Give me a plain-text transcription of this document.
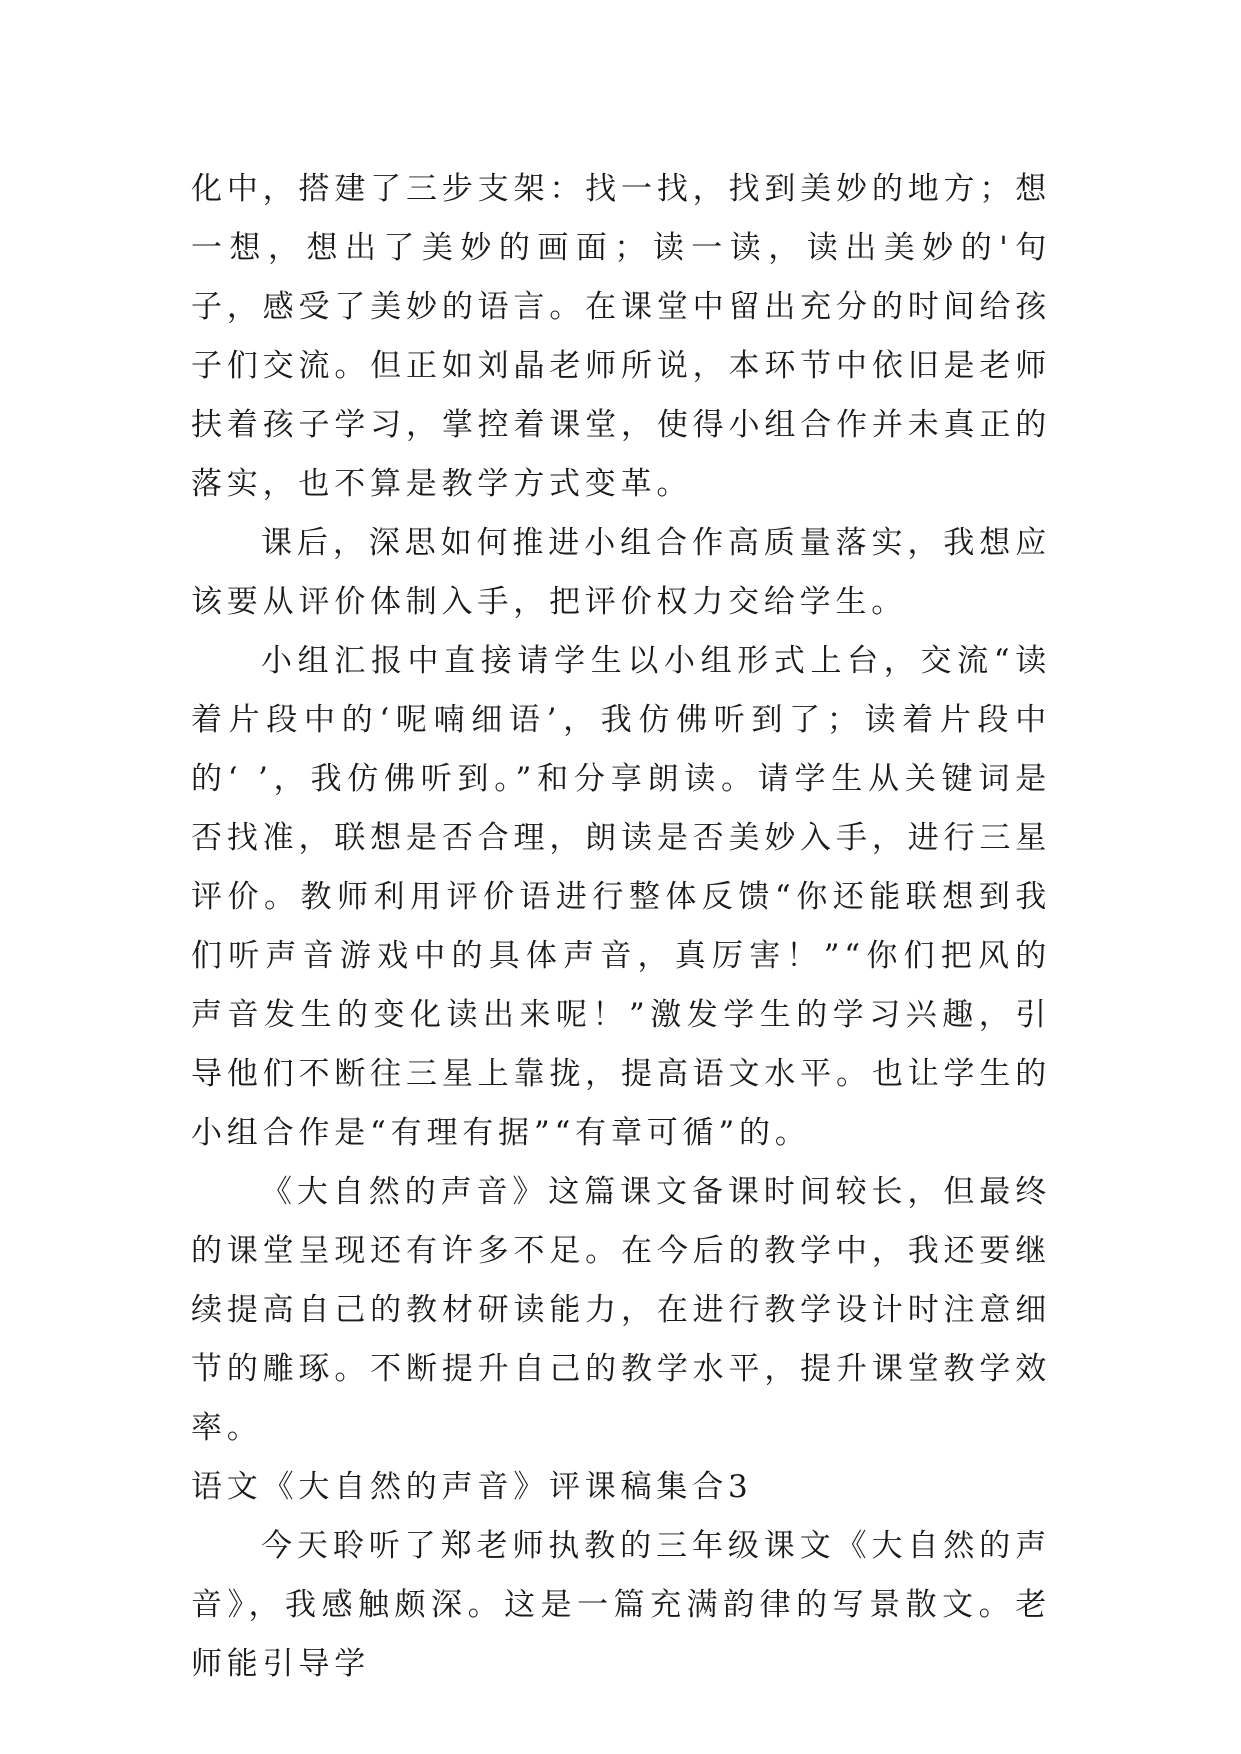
化中，搭建了三步支架：找一找，找到美妙的地方；想一想，想出了美妙的画面；读一读，读出美妙的'句子，感受了美妙的语言。在课堂中留出充分的时间给孩子们交流。但正如刘晶老师所说，本环节中依旧是老师扶着孩子学习，掌控着课堂，使得小组合作并未真正的落实，也不算是教学方式变革。

课后，深思如何推进小组合作高质量落实，我想应该要从评价体制入手，把评价权力交给学生。

小组汇报中直接请学生以小组形式上台，交流“读着片段中的‘呢喃细语’，我仿佛听到了；读着片段中的‘ ’，我仿佛听到。”和分享朗读。请学生从关键词是否找准，联想是否合理，朗读是否美妙入手，进行三星评价。教师利用评价语进行整体反馈“你还能联想到我们听声音游戏中的具体声音，真厉害！”“你们把风的声音发生的变化读出来呢！”激发学生的学习兴趣，引导他们不断往三星上靠拢，提高语文水平。也让学生的小组合作是“有理有据”“有章可循”的。

《大自然的声音》这篇课文备课时间较长，但最终的课堂呈现还有许多不足。在今后的教学中，我还要继续提高自己的教材研读能力，在进行教学设计时注意细节的雕琢。不断提升自己的教学水平，提升课堂教学效率。

语文《大自然的声音》评课稿集合3

今天聆听了郑老师执教的三年级课文《大自然的声音》，我感触颇深。这是一篇充满韵律的写景散文。老师能引导学
